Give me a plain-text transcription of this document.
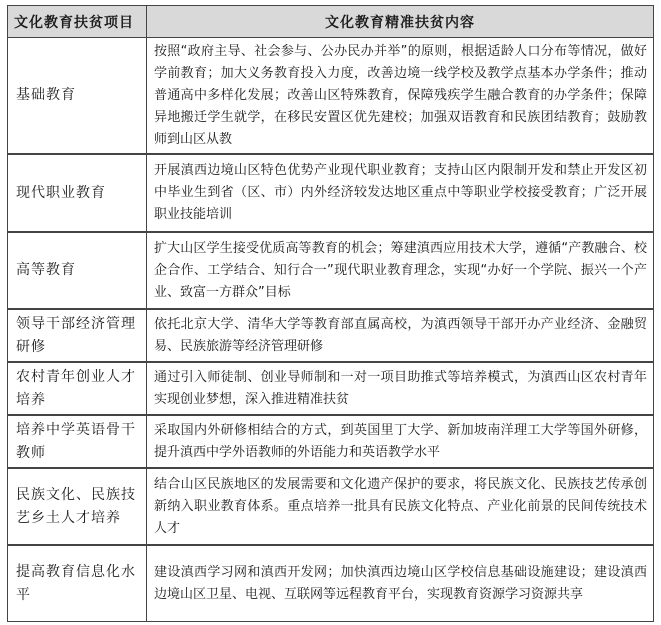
文化教育扶贫项目	文化教育精准扶贫内容
基础教育	按照“政府主导、社会参与、公办民办并举”的原则，根据适龄人口分布等情况，做好学前教育；加大义务教育投入力度，改善边境一线学校及教学点基本办学条件；推动普通高中多样化发展；改善山区特殊教育，保障残疾学生融合教育的办学条件；保障异地搬迁学生就学，在移民安置区优先建校；加强双语教育和民族团结教育；鼓励教师到山区从教
现代职业教育	开展滇西边境山区特色优势产业现代职业教育；支持山区内限制开发和禁止开发区初中毕业生到省（区、市）内外经济较发达地区重点中等职业学校接受教育；广泛开展职业技能培训
高等教育	扩大山区学生接受优质高等教育的机会；筹建滇西应用技术大学，遵循“产教融合、校企合作、工学结合、知行合一”现代职业教育理念，实现“办好一个学院、振兴一个产业、致富一方群众”目标
领导干部经济管理研修	依托北京大学、清华大学等教育部直属高校，为滇西领导干部开办产业经济、金融贸易、民族旅游等经济管理研修
农村青年创业人才培养	通过引入师徒制、创业导师制和一对一项目助推式等培养模式，为滇西山区农村青年实现创业梦想，深入推进精准扶贫
培养中学英语骨干教师	采取国内外研修相结合的方式，到英国里丁大学、新加坡南洋理工大学等国外研修，提升滇西中学外语教师的外语能力和英语教学水平
民族文化、民族技艺乡土人才培养	结合山区民族地区的发展需要和文化遗产保护的要求，将民族文化、民族技艺传承创新纳入职业教育体系。重点培养一批具有民族文化特点、产业化前景的民间传统技术人才
提高教育信息化水平	建设滇西学习网和滇西开发网；加快滇西边境山区学校信息基础设施建设；建设滇西边境山区卫星、电视、互联网等远程教育平台，实现教育资源学习资源共享
